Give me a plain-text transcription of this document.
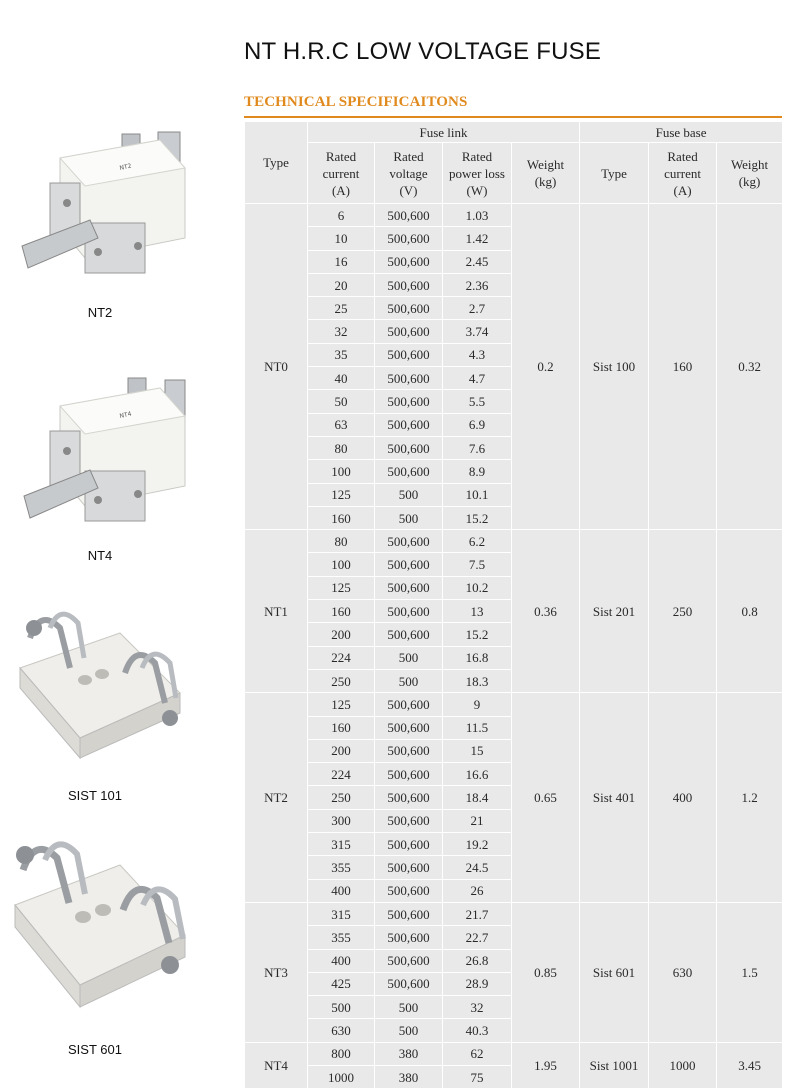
NT H.R.C LOW VOLTAGE FUSE
TECHNICAL SPECIFICAITONS
NT2
NT2
NT4
NT4
SIST 101
SIST 601
Type	Fuse link				Fuse base		
	Rated
current
(A)	Rated
voltage
(V)	Rated
power loss
(W)	Weight
(kg)	Type	Rated
current
(A)	Weight
(kg)
NT0	6	500,600	1.03	0.2	Sist 100	160	0.32
	10	500,600	1.42				
	16	500,600	2.45				
	20	500,600	2.36				
	25	500,600	2.7				
	32	500,600	3.74				
	35	500,600	4.3				
	40	500,600	4.7				
	50	500,600	5.5				
	63	500,600	6.9				
	80	500,600	7.6				
	100	500,600	8.9				
	125	500	10.1				
	160	500	15.2				
NT1	80	500,600	6.2	0.36	Sist 201	250	0.8
	100	500,600	7.5				
	125	500,600	10.2				
	160	500,600	13				
	200	500,600	15.2				
	224	500	16.8				
	250	500	18.3				
NT2	125	500,600	9	0.65	Sist 401	400	1.2
	160	500,600	11.5				
	200	500,600	15				
	224	500,600	16.6				
	250	500,600	18.4				
	300	500,600	21				
	315	500,600	19.2				
	355	500,600	24.5				
	400	500,600	26				
NT3	315	500,600	21.7	0.85	Sist 601	630	1.5
	355	500,600	22.7				
	400	500,600	26.8				
	425	500,600	28.9				
	500	500	32				
	630	500	40.3				
NT4	800	380	62	1.95	Sist 1001	1000	3.45
	1000	380	75				
